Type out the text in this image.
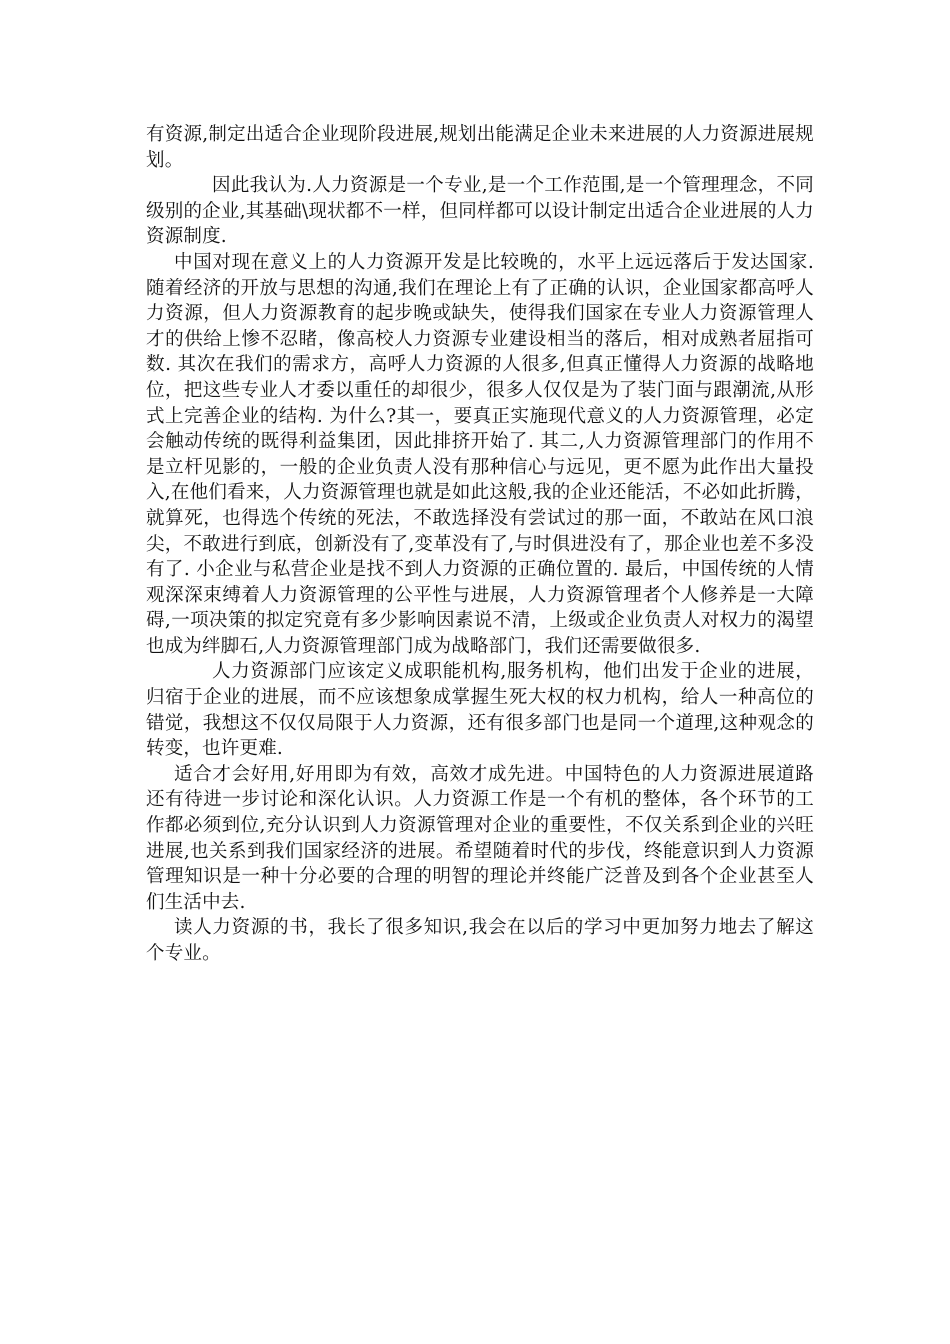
有资源,制定出适合企业现阶段进展,规划出能满足企业未来进展的人力资源进展规划。

因此我认为.人力资源是一个专业,是一个工作范围,是一个管理理念，不同级别的企业,其基础\现状都不一样，但同样都可以设计制定出适合企业进展的人力资源制度.

中国对现在意义上的人力资源开发是比较晚的，水平上远远落后于发达国家.随着经济的开放与思想的沟通,我们在理论上有了正确的认识，企业国家都高呼人力资源，但人力资源教育的起步晚或缺失，使得我们国家在专业人力资源管理人才的供给上惨不忍睹，像高校人力资源专业建设相当的落后，相对成熟者屈指可数. 其次在我们的需求方，高呼人力资源的人很多,但真正懂得人力资源的战略地位，把这些专业人才委以重任的却很少，很多人仅仅是为了装门面与跟潮流,从形式上完善企业的结构. 为什么?其一，要真正实施现代意义的人力资源管理，必定会触动传统的既得利益集团，因此排挤开始了. 其二,人力资源管理部门的作用不是立杆见影的，一般的企业负责人没有那种信心与远见，更不愿为此作出大量投入,在他们看来，人力资源管理也就是如此这般,我的企业还能活，不必如此折腾，就算死，也得选个传统的死法，不敢选择没有尝试过的那一面，不敢站在风口浪尖，不敢进行到底，创新没有了,变革没有了,与时俱进没有了，那企业也差不多没有了. 小企业与私营企业是找不到人力资源的正确位置的. 最后，中国传统的人情观深深束缚着人力资源管理的公平性与进展，人力资源管理者个人修养是一大障碍,一项决策的拟定究竟有多少影响因素说不清，上级或企业负责人对权力的渴望也成为绊脚石,人力资源管理部门成为战略部门，我们还需要做很多.

人力资源部门应该定义成职能机构,服务机构，他们出发于企业的进展，归宿于企业的进展，而不应该想象成掌握生死大权的权力机构，给人一种高位的错觉，我想这不仅仅局限于人力资源，还有很多部门也是同一个道理,这种观念的转变，也许更难.

适合才会好用,好用即为有效，高效才成先进。中国特色的人力资源进展道路还有待进一步讨论和深化认识。人力资源工作是一个有机的整体，各个环节的工作都必须到位,充分认识到人力资源管理对企业的重要性，不仅关系到企业的兴旺进展,也关系到我们国家经济的进展。希望随着时代的步伐，终能意识到人力资源管理知识是一种十分必要的合理的明智的理论并终能广泛普及到各个企业甚至人们生活中去.

读人力资源的书，我长了很多知识,我会在以后的学习中更加努力地去了解这个专业。
